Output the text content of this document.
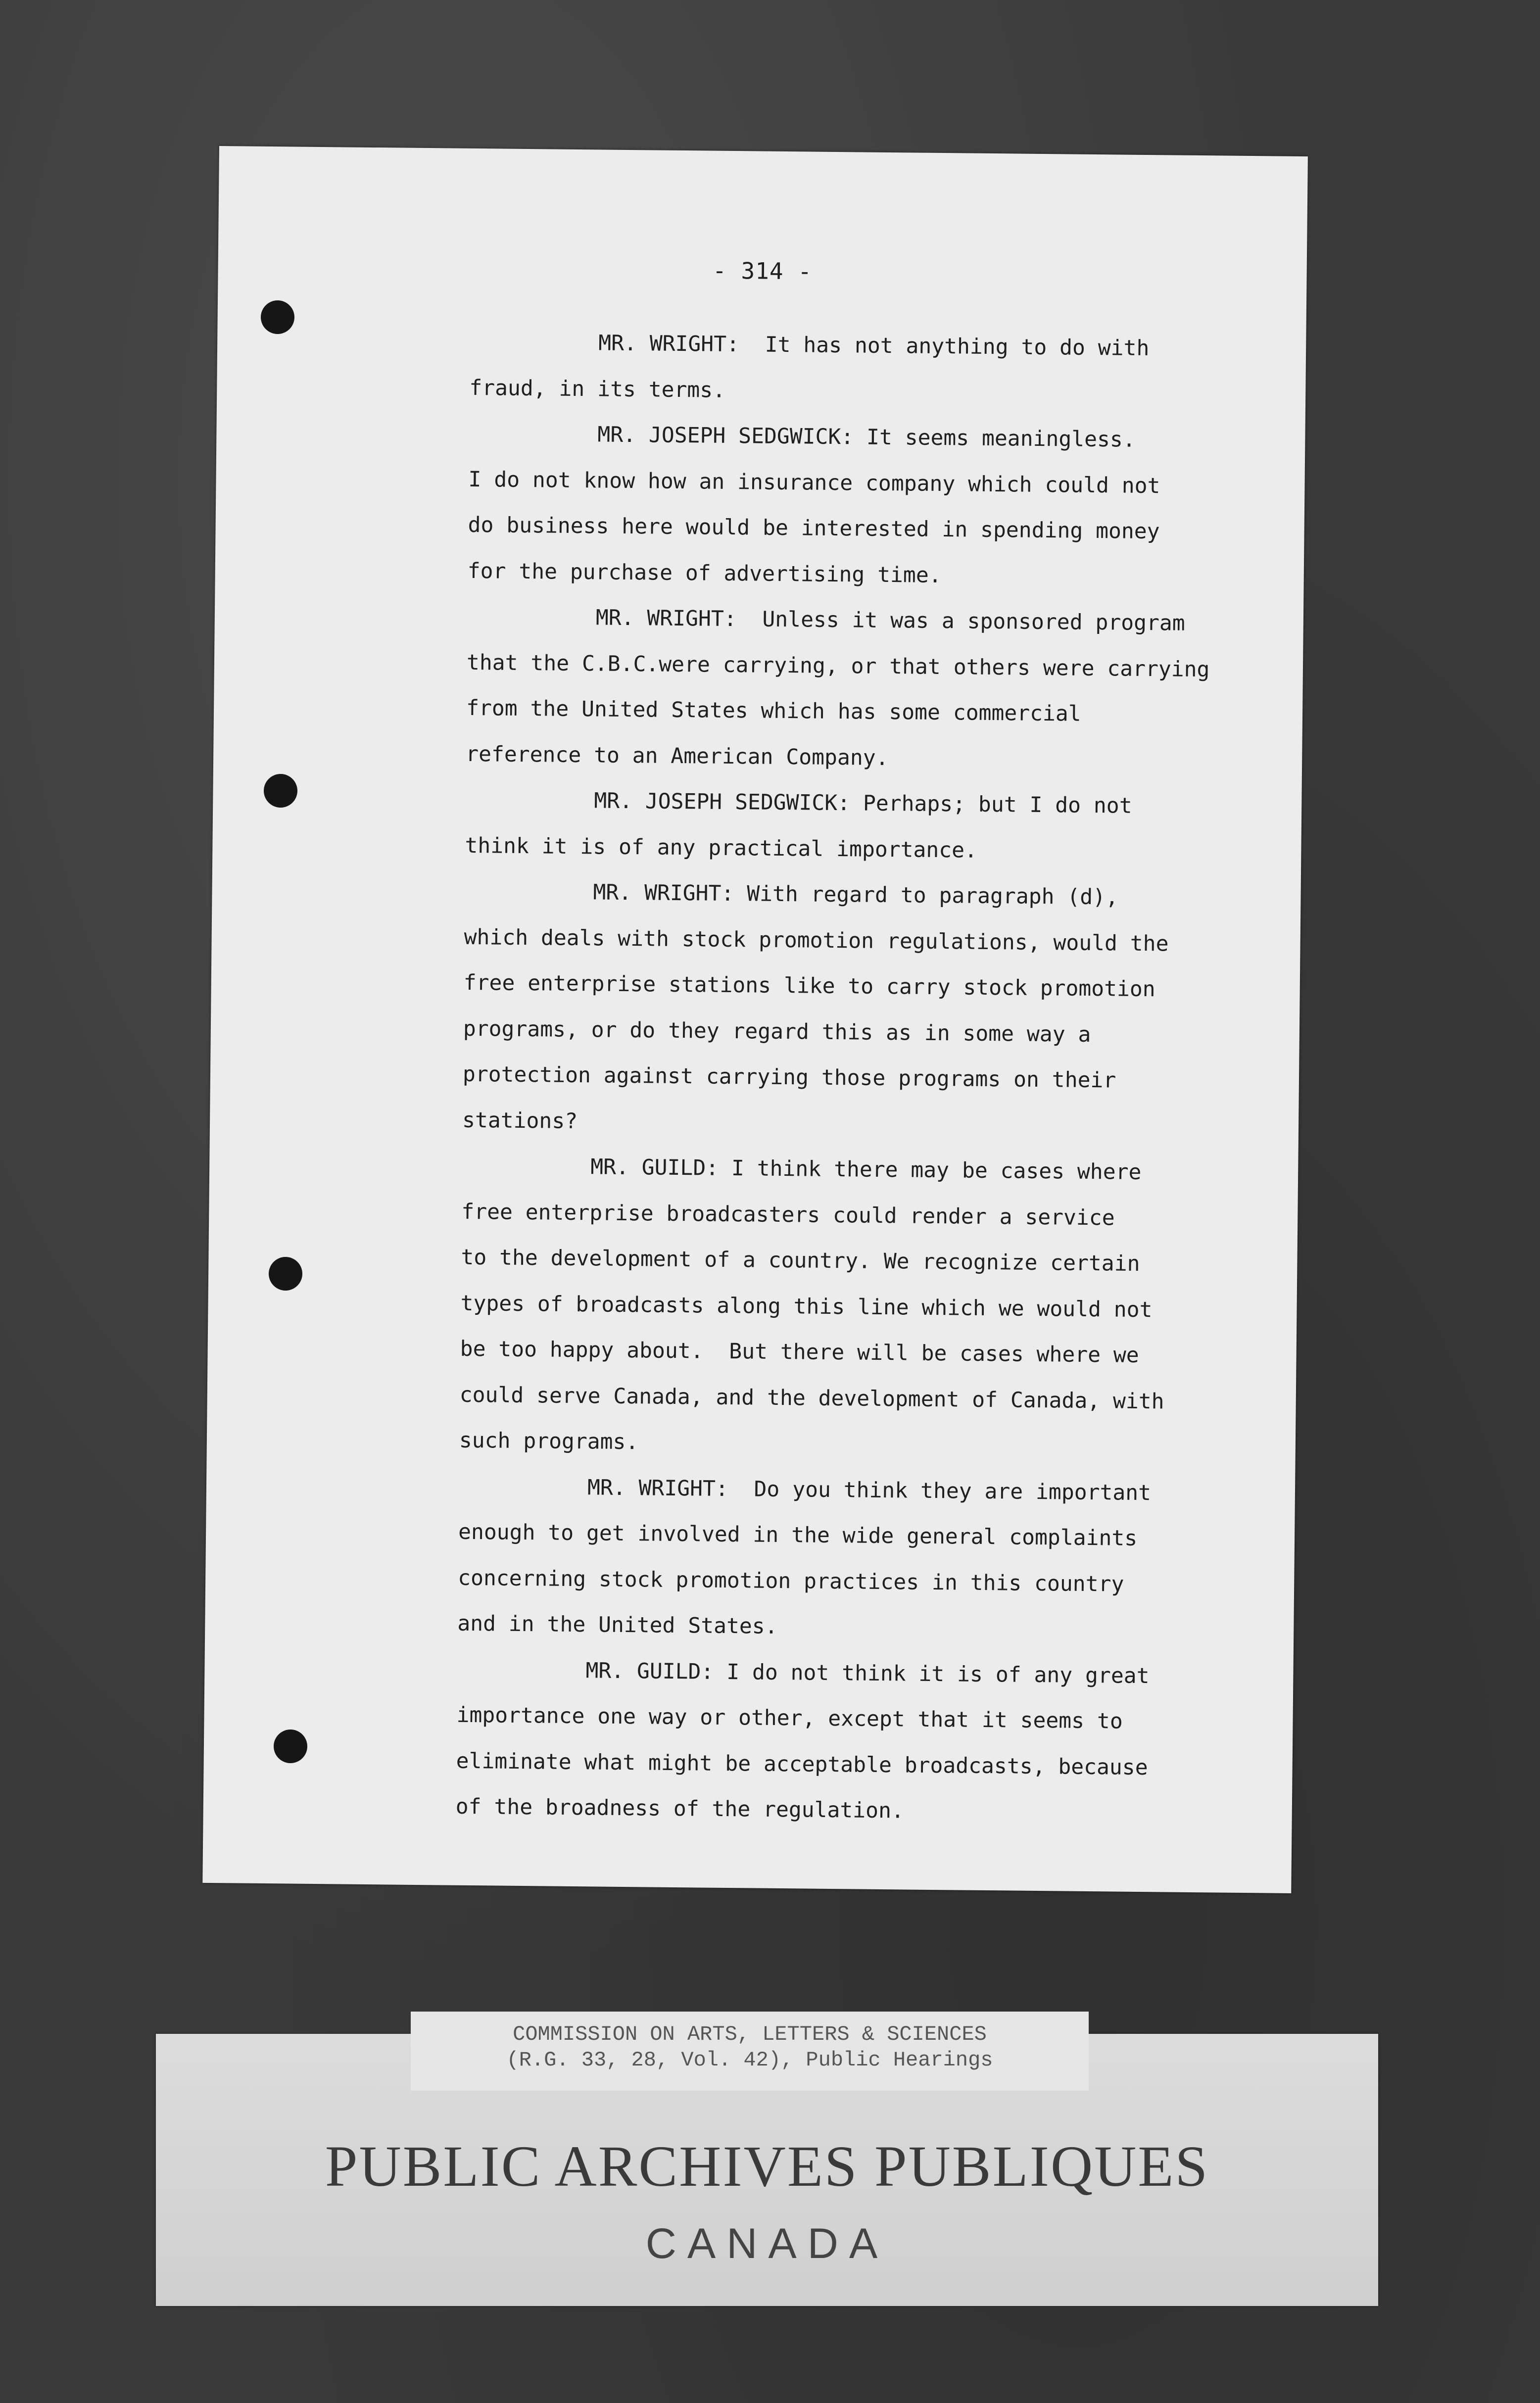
- 314 -
MR. WRIGHT:  It has not anything to do with
fraud, in its terms.
MR. JOSEPH SEDGWICK: It seems meaningless.
I do not know how an insurance company which could not
do business here would be interested in spending money
for the purchase of advertising time.
MR. WRIGHT:  Unless it was a sponsored program
that the C.B.C.were carrying, or that others were carrying
from the United States which has some commercial
reference to an American Company.
MR. JOSEPH SEDGWICK: Perhaps; but I do not
think it is of any practical importance.
MR. WRIGHT: With regard to paragraph (d),
which deals with stock promotion regulations, would the
free enterprise stations like to carry stock promotion
programs, or do they regard this as in some way a
protection against carrying those programs on their
stations?
MR. GUILD: I think there may be cases where
free enterprise broadcasters could render a service
to the development of a country. We recognize certain
types of broadcasts along this line which we would not
be too happy about.  But there will be cases where we
could serve Canada, and the development of Canada, with
such programs.
MR. WRIGHT:  Do you think they are important
enough to get involved in the wide general complaints
concerning stock promotion practices in this country
and in the United States.
MR. GUILD: I do not think it is of any great
importance one way or other, except that it seems to
eliminate what might be acceptable broadcasts, because
of the broadness of the regulation.
PUBLIC ARCHIVES PUBLIQUES
CANADA
COMMISSION ON ARTS, LETTERS & SCIENCES
(R.G. 33, 28, Vol. 42), Public Hearings
